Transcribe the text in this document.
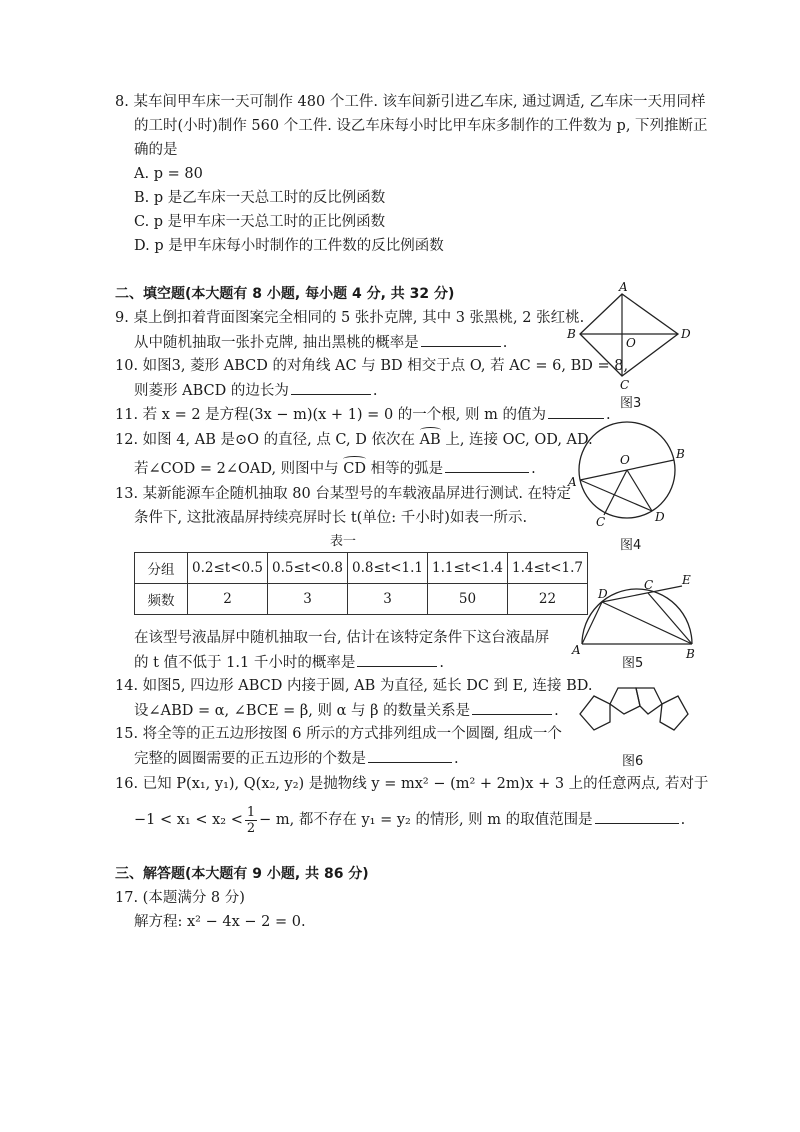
8. 某车间甲车床一天可制作 480 个工件. 该车间新引进乙车床, 通过调适, 乙车床一天用同样
的工时(小时)制作 560 个工件. 设乙车床每小时比甲车床多制作的工件数为 p, 下列推断正
确的是
A. p = 80
B. p 是乙车床一天总工时的反比例函数
C. p 是甲车床一天总工时的正比例函数
D. p 是甲车床每小时制作的工件数的反比例函数
二、填空题(本大题有 8 小题, 每小题 4 分, 共 32 分)
9. 桌上倒扣着背面图案完全相同的 5 张扑克牌, 其中 3 张黑桃, 2 张红桃.
从中随机抽取一张扑克牌, 抽出黑桃的概率是	.
10. 如图3, 菱形 ABCD 的对角线 AC 与 BD 相交于点 O, 若 AC = 6, BD = 8,
则菱形 ABCD 的边长为	.
11. 若 x = 2 是方程(3x − m)(x + 1) = 0 的一个根, 则 m 的值为	.
12. 如图 4, AB 是⊙O 的直径, 点 C, D 依次在 AB 上, 连接 OC, OD, AD.
若∠COD = 2∠OAD, 则图中与 CD 相等的弧是	.
13. 某新能源车企随机抽取 80 台某型号的车载液晶屏进行测试. 在特定
条件下, 这批液晶屏持续亮屏时长 t(单位: 千小时)如表一所示.
表一
分组	0.2≤t<0.5	0.5≤t<0.8	0.8≤t<1.1	1.1≤t<1.4	1.4≤t<1.7
频数	2	3	3	50	22
在该型号液晶屏中随机抽取一台, 估计在该特定条件下这台液晶屏
的 t 值不低于 1.1 千小时的概率是	.
14. 如图5, 四边形 ABCD 内接于圆, AB 为直径, 延长 DC 到 E, 连接 BD.
设∠ABD = α, ∠BCE = β, 则 α 与 β 的数量关系是	.
15. 将全等的正五边形按图 6 所示的方式排列组成一个圆圈, 组成一个
完整的圆圈需要的正五边形的个数是	.
16. 已知 P(x₁, y₁), Q(x₂, y₂) 是抛物线 y = mx² − (m² + 2m)x + 3 上的任意两点, 若对于
$-1 < x_1 < x_2 < \frac{1}{2} - m$, 都不存在 y₁ = y₂ 的情形, 则 m 的取值范围是	.
三、解答题(本大题有 9 小题, 共 86 分)
17. (本题满分 8 分)
解方程: x² − 4x − 2 = 0.
A
B
C
D
O
图3
O
A
B
C	D
图4
A	B
C
D
E
图5
图6
